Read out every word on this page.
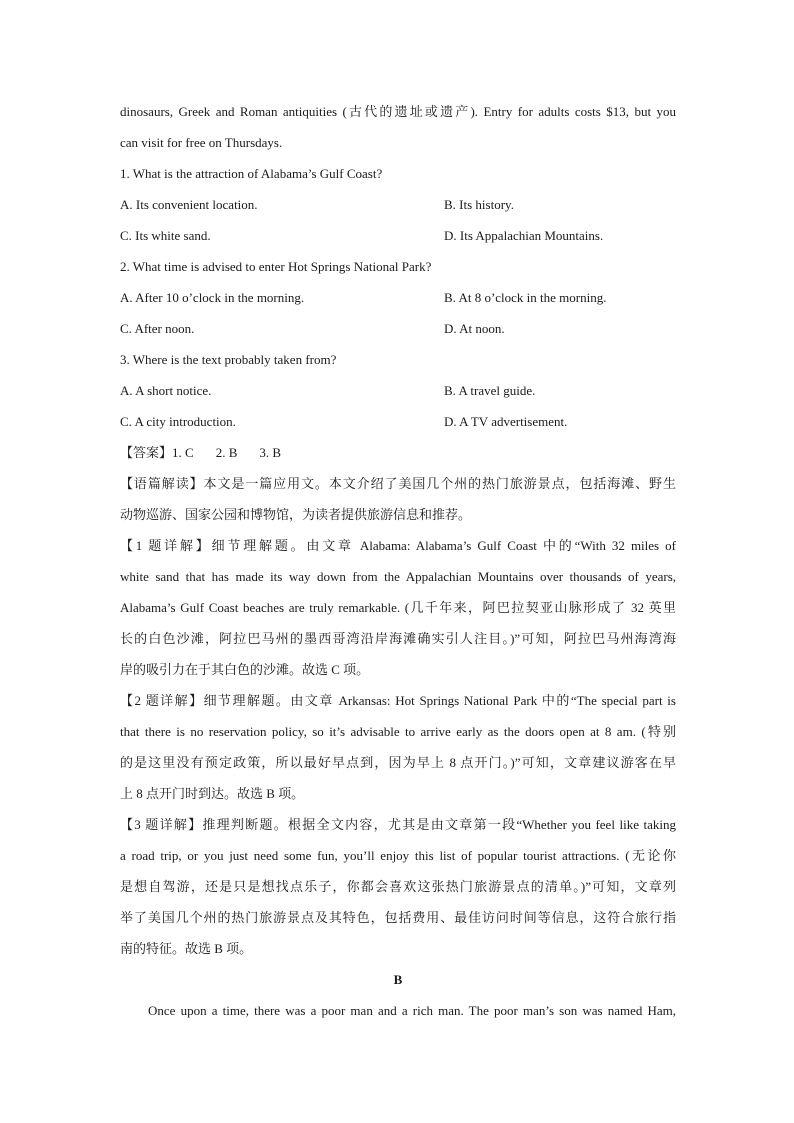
dinosaurs, Greek and Roman antiquities (古代的遗址或遗产). Entry for adults costs $13, but you

can visit for free on Thursdays.

1. What is the attraction of Alabama’s Gulf Coast?

A. Its convenient location.	B. Its history.
C. Its white sand.	D. Its Appalachian Mountains.

2. What time is advised to enter Hot Springs National Park?

A. After 10 o’clock in the morning.	B. At 8 o’clock in the morning.
C. After noon.	D. At noon.

3. Where is the text probably taken from?

A. A short notice.	B. A travel guide.
C. A city introduction.	D. A TV advertisement.

【答案】1. C 2. B 3. B

【语篇解读】本文是一篇应用文。本文介绍了美国几个州的热门旅游景点，包括海滩、野生

动物巡游、国家公园和博物馆，为读者提供旅游信息和推荐。

【1 题详解】细节理解题。由文章 Alabama: Alabama’s Gulf Coast 中的“With 32 miles of

white sand that has made its way down from the Appalachian Mountains over thousands of years,

Alabama’s Gulf Coast beaches are truly remarkable. (几千年来，阿巴拉契亚山脉形成了 32 英里

长的白色沙滩，阿拉巴马州的墨西哥湾沿岸海滩确实引人注目。)”可知，阿拉巴马州海湾海

岸的吸引力在于其白色的沙滩。故选 C 项。

【2 题详解】细节理解题。由文章 Arkansas: Hot Springs National Park 中的“The special part is

that there is no reservation policy, so it’s advisable to arrive early as the doors open at 8 am. (特别

的是这里没有预定政策，所以最好早点到，因为早上 8 点开门。)”可知，文章建议游客在早

上 8 点开门时到达。故选 B 项。

【3 题详解】推理判断题。根据全文内容，尤其是由文章第一段“Whether you feel like taking

a road trip, or you just need some fun, you’ll enjoy this list of popular tourist attractions. (无论你

是想自驾游，还是只是想找点乐子，你都会喜欢这张热门旅游景点的清单。)”可知，文章列

举了美国几个州的热门旅游景点及其特色，包括费用、最佳访问时间等信息，这符合旅行指

南的特征。故选 B 项。

B

Once upon a time, there was a poor man and a rich man. The poor man’s son was named Ham,
